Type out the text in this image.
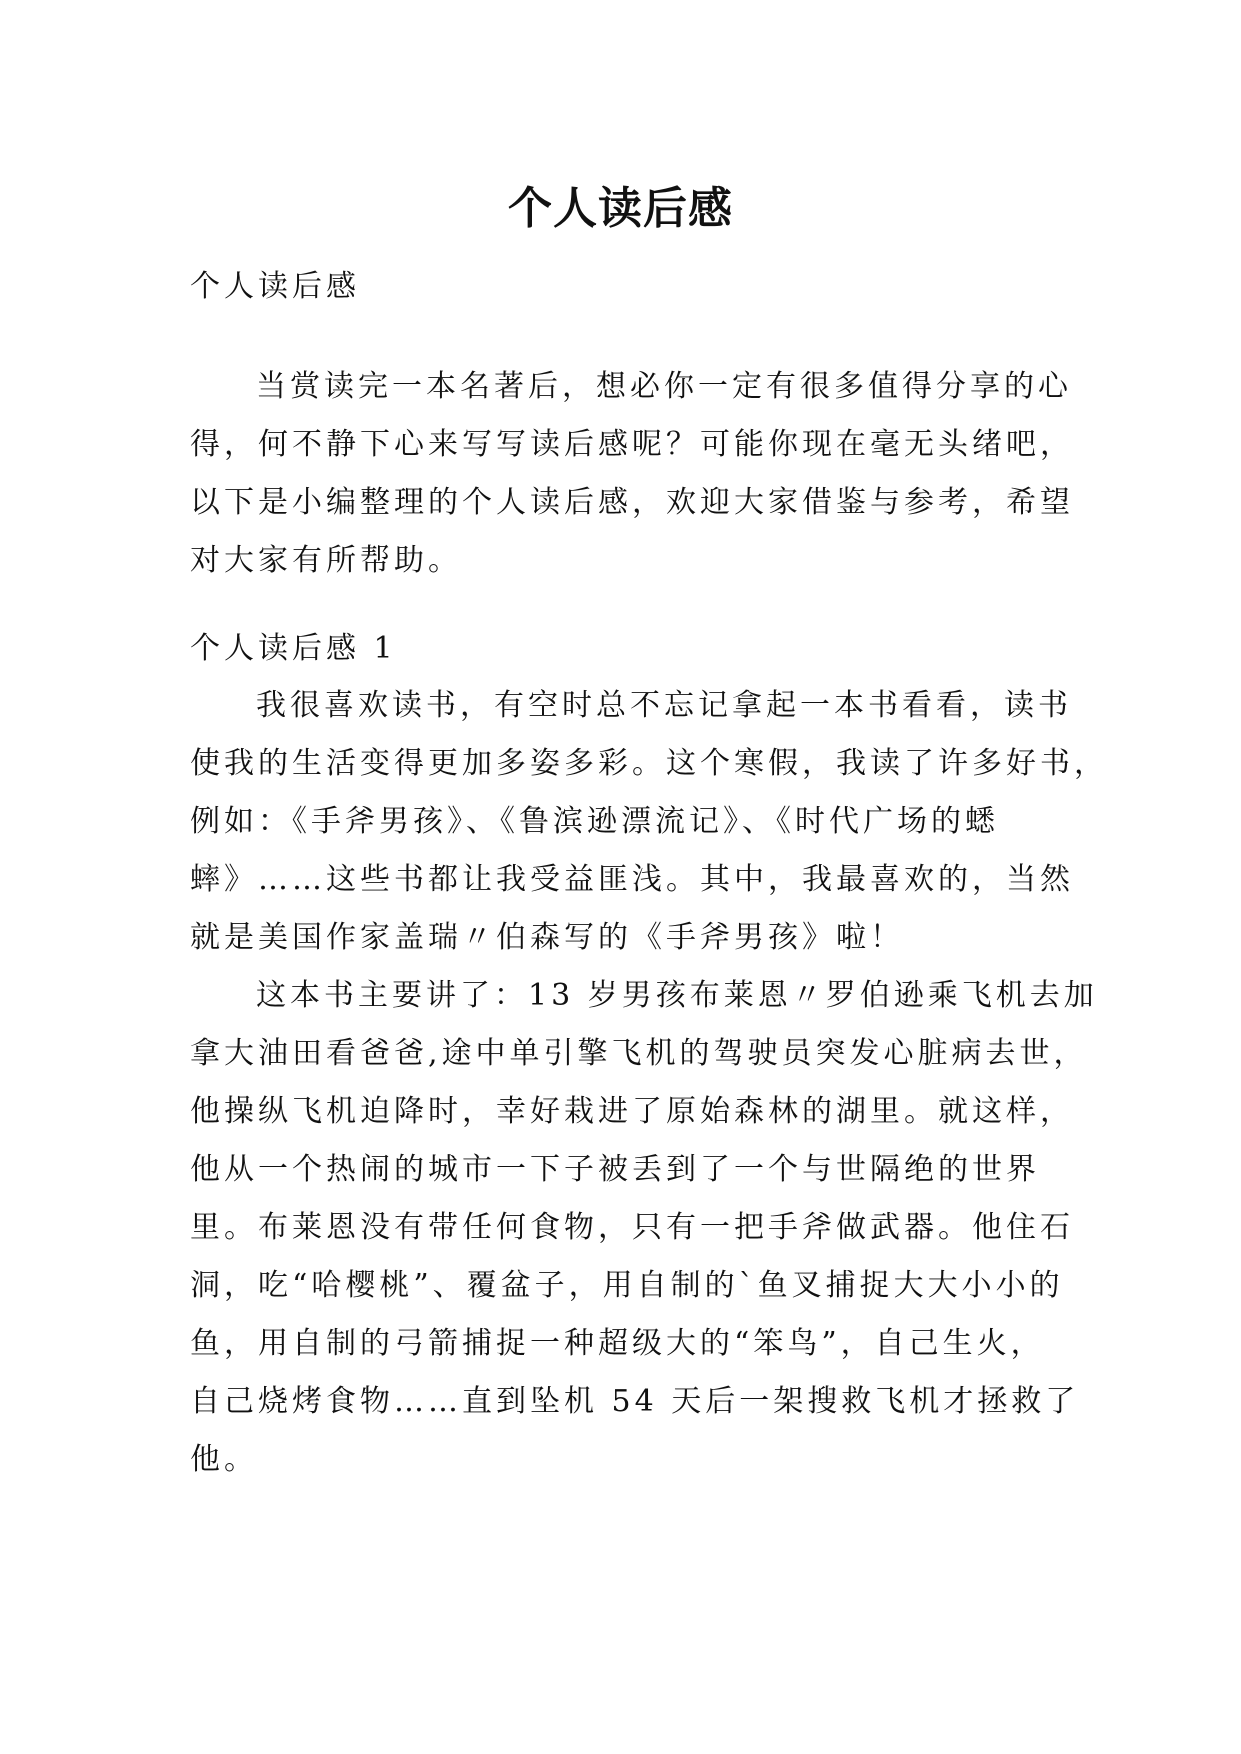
个人读后感

个人读后感

当赏读完一本名著后，想必你一定有很多值得分享的心
得，何不静下心来写写读后感呢？可能你现在毫无头绪吧，
以下是小编整理的个人读后感，欢迎大家借鉴与参考，希望
对大家有所帮助。

个人读后感 1

我很喜欢读书，有空时总不忘记拿起一本书看看，读书
使我的生活变得更加多姿多彩。这个寒假，我读了许多好书，
例如：《手斧男孩》、《鲁滨逊漂流记》、《时代广场的蟋
蟀》……这些书都让我受益匪浅。其中，我最喜欢的，当然
就是美国作家盖瑞〃伯森写的《手斧男孩》啦！

这本书主要讲了：13 岁男孩布莱恩〃罗伯逊乘飞机去加
拿大油田看爸爸,途中单引擎飞机的驾驶员突发心脏病去世，
他操纵飞机迫降时，幸好栽进了原始森林的湖里。就这样，
他从一个热闹的城市一下子被丢到了一个与世隔绝的世界
里。布莱恩没有带任何食物，只有一把手斧做武器。他住石
洞，吃“哈樱桃”、覆盆子，用自制的`鱼叉捕捉大大小小的
鱼，用自制的弓箭捕捉一种超级大的“笨鸟”，自己生火，
自己烧烤食物……直到坠机 54 天后一架搜救飞机才拯救了
他。
